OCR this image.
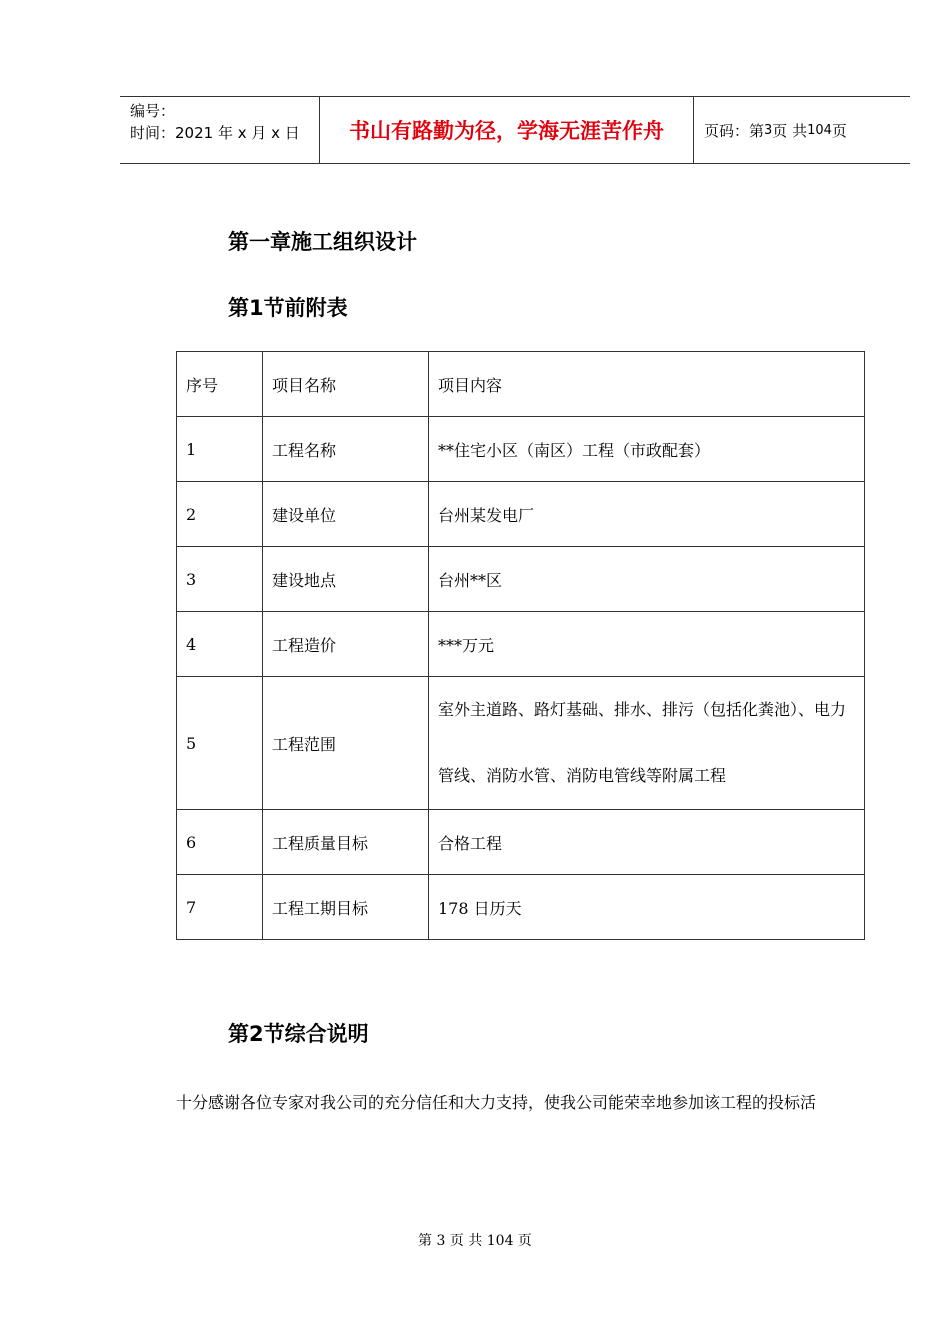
编号：
时间：2021 年 x 月 x 日	书山有路勤为径，学海无涯苦作舟	页码：第 3 页 共 104 页
第一章施工组织设计
第1节前附表
序号	项目名称	项目内容
1	工程名称	**住宅小区（南区）工程（市政配套）
2	建设单位	台州某发电厂
3	建设地点	台州**区
4	工程造价	***万元
5	工程范围	室外主道路、路灯基础、排水、排污（包括化粪池）、电力管线、消防水管、消防电管线等附属工程
6	工程质量目标	合格工程
7	工程工期目标	178 日历天
第2节综合说明
十分感谢各位专家对我公司的充分信任和大力支持，使我公司能荣幸地参加该工程的投标活
第 3 页 共 104 页
